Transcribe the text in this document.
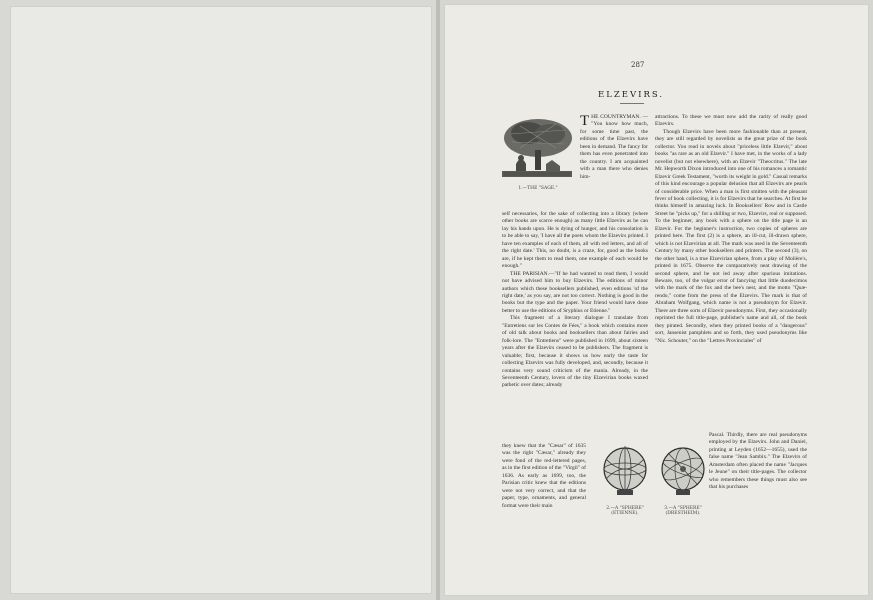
287
ELZEVIRS.
1.—THE "SAGE."
T HE COUNTRYMAN. — "You know how much, for some time past, the editions of the Elzevirs have been in demand. The fancy for them has even penetrated into the country. I am acquainted with a man there who denies him-

self necessaries, for the sake of collecting into a library (where other books are scarce enough) as many little Elzevirs as he can lay his hands upon. He is dying of hunger, and his consolation is to be able to say, 'I have all the poets whom the Elzevirs printed. I have ten examples of each of them, all with red letters, and all of the right date.' This, no doubt, is a craze, for, good as the books are, if he kept them to read them, one example of each would be enough."

THE PARISIAN.—"If he had wanted to read them, I would not have advised him to buy Elzevirs. The editions of minor authors which these booksellers published, even editions 'of the right date,' as you say, are not too correct. Nothing is good in the books but the type and the paper. Your friend would have done better to use the editions of Sryphius or Etienne."

This fragment of a literary dialogue I translate from "Entretiens sur les Contes de Fées," a book which contains more of old talk about books and booksellers than about fairies and folk-lore. The "Entretiens" were published in 1699, about sixteen years after the Elzevirs ceased to be publishers. The fragment is valuable; first, because it shows us how early the taste for collecting Elzevirs was fully developed, and, secondly, because it contains very sound criticism of the mania. Already, in the Seventeenth Century, lovers of the tiny Elzevirian books waxed pathetic over dates; already

they knew that the "Cæsar" of 1635 was the right "Cæsar," already they were fond of the red-lettered pages, as in the first edition of the "Virgil" of 1636. As early as 1699, too, the Parisian critic knew that the editions were not very correct, and that the paper, type, ornaments, and general format were their main	2.—A "SPHERE"
(ETIENNE).
3.—A "SPHERE"
(DRESTHEIM).

attractions. To these we must now add the rarity of really good Elzevirs.

Though Elzevirs have been more fashionable than at present, they are still regarded by novelists as the great prize of the book collector. You read in novels about "priceless little Elzevir," about books "as rare as an old Elzevir." I have met, in the works of a lady novelist (but not elsewhere), with an Elzevir "Theocritus." The late Mr. Hepworth Dixon introduced into one of his romances a romantic Elzevir Greek Testament, "worth its weight in gold." Casual remarks of this kind encourage a popular delusion that all Elzevirs are pearls of considerable price. When a man is first smitten with the pleasant fever of book collecting, it is for Elzevirs that he searches. At first he thinks himself in amazing luck. In Booksellers' Row and in Castle Street he "picks up," for a shilling or two, Elzevirs, real or supposed. To the beginner, any book with a sphere on the title page is an Elzevir. For the beginner's instruction, two copies of spheres are printed here. The first (2) is a sphere, an ill-cut, ill-drawn sphere, which is not Elzevirian at all. The mark was used in the Seventeenth Century by many other booksellers and printers. The second (3), on the other hand, is a true Elzevirian sphere, from a play of Molière's, printed in 1675. Observe the comparatively neat drawing of the second sphere, and be not led away after spurious imitations. Beware, too, of the vulgar error of fancying that little duodecimos with the mark of the fox and the bee's nest, and the motto "Quæ-rendo," come from the press of the Elzevirs. The mark is that of Abraham Wolfgang, which name is not a pseudonym for Elzevir. There are three sorts of Elzevir pseudonyms. First, they occasionally reprinted the full title-page, publisher's name and all, of the book they pirated. Secondly, when they printed books of a "dangerous" sort, Jansenist pamphlets and so forth, they used pseudonyms like "Nic. Schouter," on the "Lettres Provinciales" of

Pascal. Thirdly, there are real pseudonyms employed by the Elzevirs. John and Daniel, printing at Leyden (1652—1655), used the false name "Jean Sambix." The Elzevirs of Amsterdam often placed the name "Jacques le Jeune" on their title-pages. The collector who remembers these things must also see that his purchases
